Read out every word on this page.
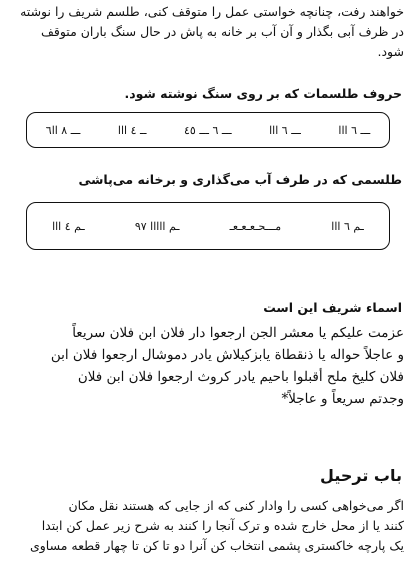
خواهند رفت، چنانچه خواستی عمل را متوقف کنی، طلسم شریف را نوشته
در ظرف آبی بگذار و آن آب بر خانه به پاش در حال سنگ باران متوقف
شود.
حروف طلسمات که بر روی سنگ نوشته شود.
ـــ ٨ اا٦	ــ ٤ ااا	ـــ ٦ ـــ ٤٥	ـــ ٦ ااا	ـــ ٦ ااا
طلسمی که در طرف آب می‌گذاری و برخانه می‌پاشی
ـم ٤ ااا	ـم ااااا ٩٧	مـــحـعـعـعـ	ـم ٦ ااا
اسماء شریف این است
عزمت علیکم یا معشر الجن ارجعوا دار فلان ابن فلان سریعاً
و عاجلاً حواله یا ذنقطاة یابزکیلاش یادر دموشال ارجعوا فلان ابن
فلان کلیخ ملح أقبلوا باحیم یادر کروث ارجعوا فلان ابن فلان
وجدتم سریعاً و عاجلاً*
باب ترحیل
اگر می‌خواهی کسی را وادار کنی که از جایی که هستند نقل مکان
کنند یا از محل خارج شده و ترک آنجا را کنند به شرح زیر عمل کن ابتدا
یک پارچه خاکستری پشمی انتخاب کن آنرا دو تا کن تا چهار قطعه مساوی
